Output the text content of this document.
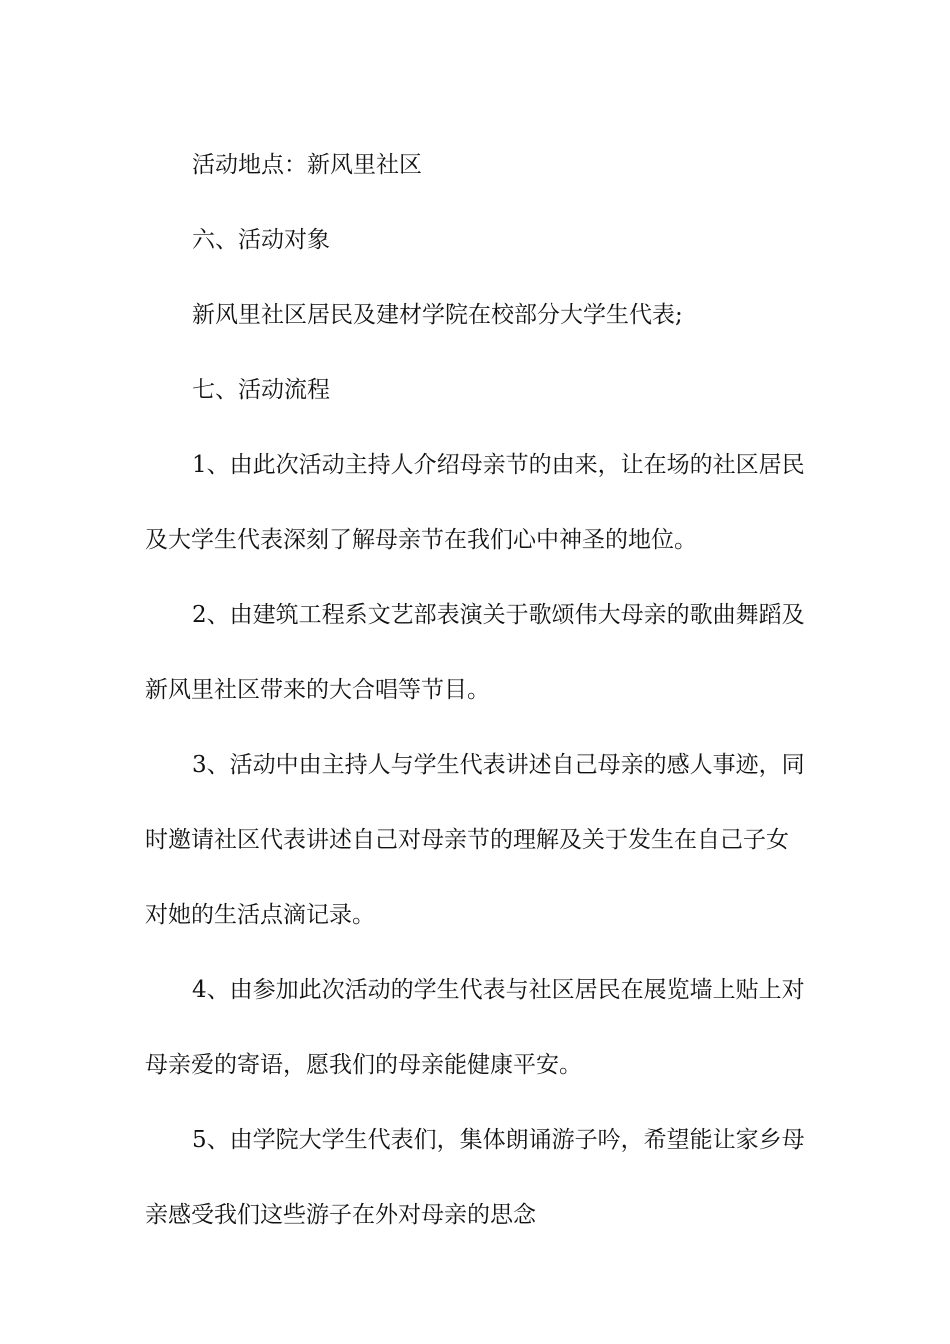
活动地点：新风里社区

六、活动对象

新风里社区居民及建材学院在校部分大学生代表;

七、活动流程

1、由此次活动主持人介绍母亲节的由来，让在场的社区居民及大学生代表深刻了解母亲节在我们心中神圣的地位。

2、由建筑工程系文艺部表演关于歌颂伟大母亲的歌曲舞蹈及新风里社区带来的大合唱等节目。

3、活动中由主持人与学生代表讲述自己母亲的感人事迹，同时邀请社区代表讲述自己对母亲节的理解及关于发生在自己子女对她的生活点滴记录。

4、由参加此次活动的学生代表与社区居民在展览墙上贴上对母亲爱的寄语，愿我们的母亲能健康平安。

5、由学院大学生代表们，集体朗诵游子吟，希望能让家乡母亲感受我们这些游子在外对母亲的思念
